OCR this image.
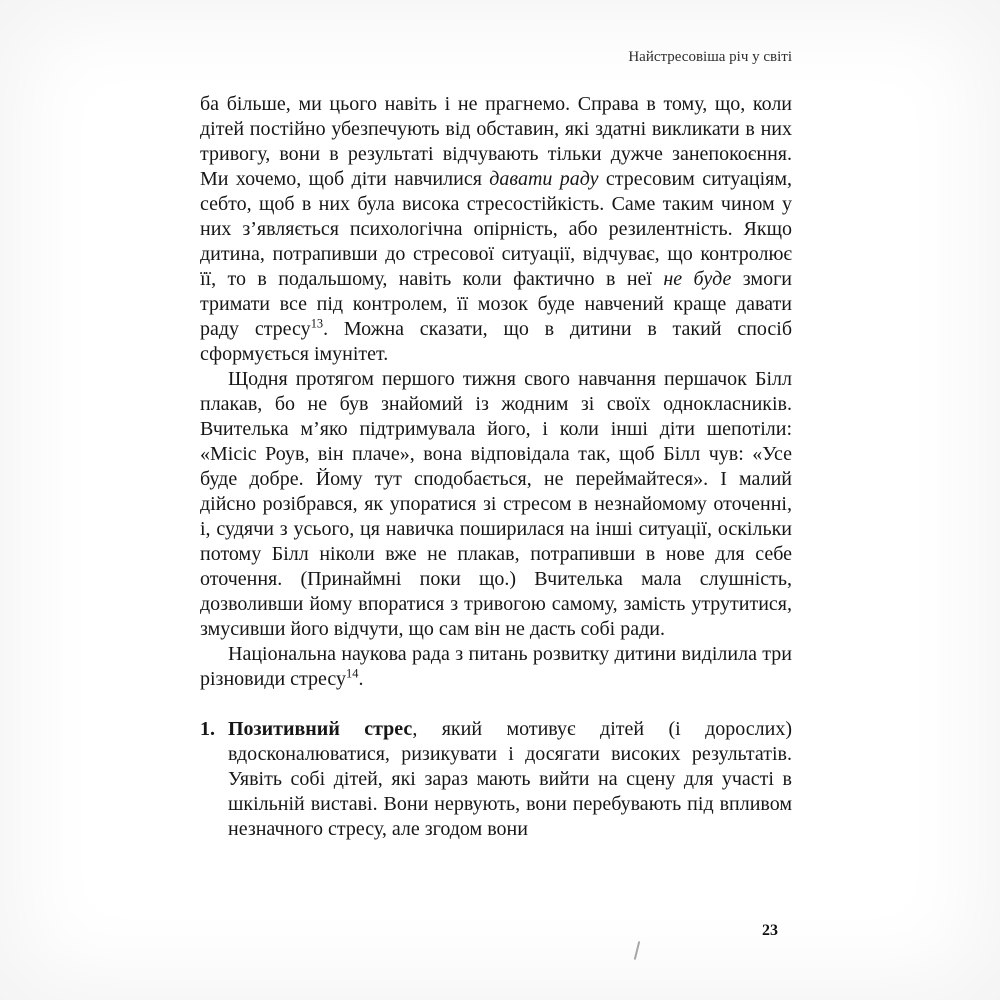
Найстресовіша річ у світі

ба більше, ми цього навіть і не прагнемо. Справа в тому, що, коли дітей постійно убезпечують від обставин, які здатні викликати в них тривогу, вони в результаті відчувають тільки дужче занепокоєння. Ми хочемо, щоб діти навчилися давати раду стресовим ситуаціям, себто, щоб в них була висока стресостійкість. Саме таким чином у них з’являється психологічна опірність, або резилентність. Якщо дитина, потрапивши до стресової ситуації, відчуває, що контролює її, то в подальшому, навіть коли фактично в неї не буде змоги тримати все під контролем, її мозок буде навчений краще давати раду стресу$^{13}$. Можна сказати, що в дитини в такий спосіб сформується імунітет.

Щодня протягом першого тижня свого навчання першачок Білл плакав, бо не був знайомий із жодним зі своїх однокласників. Вчителька м’яко підтримувала його, і коли інші діти шепотіли: «Місіс Роув, він плаче», вона відповідала так, щоб Білл чув: «Усе буде добре. Йому тут сподобається, не переймайтеся». І малий дійсно розібрався, як упоратися зі стресом в незнайомому оточенні, і, судячи з усього, ця навичка поширилася на інші ситуації, оскільки потому Білл ніколи вже не плакав, потрапивши в нове для себе оточення. (Принаймні поки що.) Вчителька мала слушність, дозволивши йому впоратися з тривогою самому, замість утрутитися, змусивши його відчути, що сам він не дасть собі ради.

Національна наукова рада з питань розвитку дитини виділила три різновиди стресу$^{14}$.

1. Позитивний стрес, який мотивує дітей (і дорослих) вдосконалюватися, ризикувати і досягати високих результатів. Уявіть собі дітей, які зараз мають вийти на сцену для участі в шкільній виставі. Вони нервують, вони перебувають під впливом незначного стресу, але згодом вони
23
